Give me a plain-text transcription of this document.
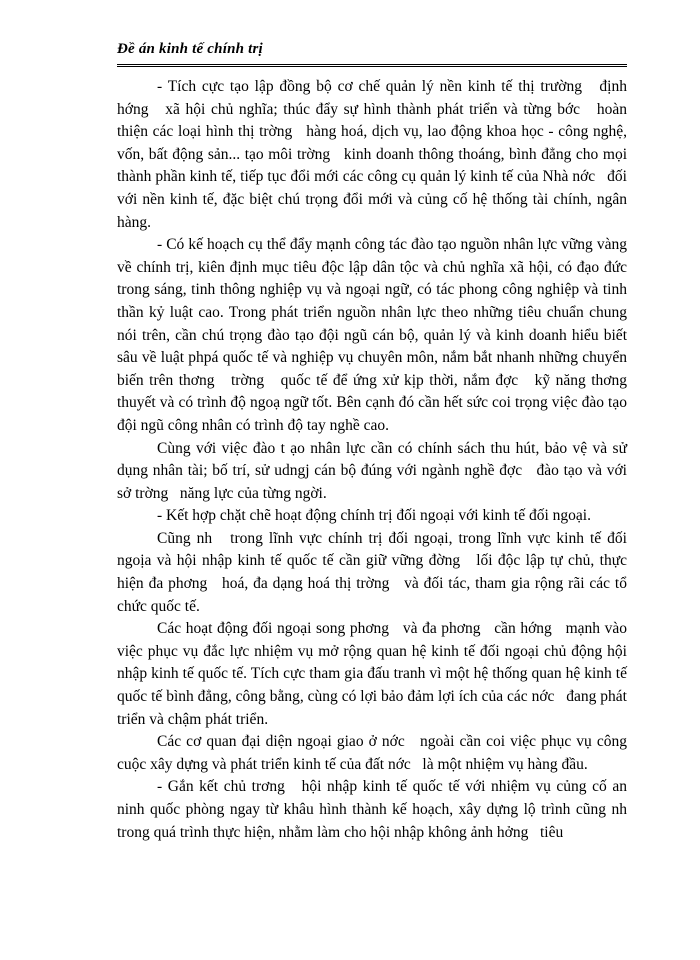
Đề án kinh tế chính trị

- Tích cực tạo lập đồng bộ cơ chế quản lý nền kinh tế thị trường   định hớng   xã hội chủ nghĩa; thúc đẩy sự hình thành phát triển và từng bớc   hoàn thiện các loại hình thị trờng   hàng hoá, dịch vụ, lao động khoa học - công nghệ, vốn, bất động sản... tạo môi trờng   kinh doanh thông thoáng, bình đẳng cho mọi thành phần kinh tế, tiếp tục đổi mới các công cụ quản lý kinh tế của Nhà nớc   đối với nền kinh tế, đặc biệt chú trọng đổi mới và củng cố hệ thống tài chính, ngân hàng.

- Có kế hoạch cụ thể đẩy mạnh công tác đào tạo nguồn nhân lực vững vàng về chính trị, kiên định mục tiêu độc lập dân tộc và chủ nghĩa xã hội, có đạo đức trong sáng, tinh thông nghiệp vụ và ngoại ngữ, có tác phong công nghiệp và tinh thần kỷ luật cao. Trong phát triển nguồn nhân lực theo những tiêu chuẩn chung nói trên, cần chú trọng đào tạo đội ngũ cán bộ, quản lý và kinh doanh hiểu biết sâu về luật phpá quốc tế và nghiệp vụ chuyên môn, nắm bắt nhanh những chuyển biến trên thơng   trờng   quốc tế để ứng xử kịp thời, nắm đợc   kỹ năng thơng   thuyết và có trình độ ngoạ ngữ tốt. Bên cạnh đó cần hết sức coi trọng việc đào tạo đội ngũ công nhân có trình độ tay nghề cao.

Cùng với việc đào t ạo nhân lực cần có chính sách thu hút, bảo vệ và sử dụng nhân tài; bố trí, sử udngj cán bộ đúng với ngành nghề đợc   đào tạo và với sở trờng   năng lực của từng ngời.

- Kết hợp chặt chẽ hoạt động chính trị đối ngoại với kinh tế đối ngoại.

Cũng nh   trong lĩnh vực chính trị đối ngoại, trong lĩnh vực kinh tế đối ngoịa và hội nhập kinh tế quốc tế cần giữ vững đờng   lối độc lập tự chủ, thực hiện đa phơng   hoá, đa dạng hoá thị trờng   và đối tác, tham gia rộng rãi các tổ chức quốc tế.

Các hoạt động đối ngoại song phơng   và đa phơng   cần hớng   mạnh vào việc phục vụ đắc lực nhiệm vụ mở rộng quan hệ kinh tế đối ngoại chủ động hội nhập kinh tế quốc tế. Tích cực tham gia đấu tranh vì một hệ thống quan hệ kinh tế quốc tế bình đẳng, công bằng, cùng có lợi bảo đảm lợi ích của các nớc   đang phát triển và chậm phát triển.

Các cơ quan đại diện ngoại giao ở nớc   ngoài cần coi việc phục vụ công cuộc xây dựng và phát triển kinh tế của đất nớc   là một nhiệm vụ hàng đầu.

- Gắn kết chủ trơng   hội nhập kinh tế quốc tế với nhiệm vụ củng cố an ninh quốc phòng ngay từ khâu hình thành kế hoạch, xây dựng lộ trình cũng nh   trong quá trình thực hiện, nhằm làm cho hội nhập không ảnh hởng   tiêu
